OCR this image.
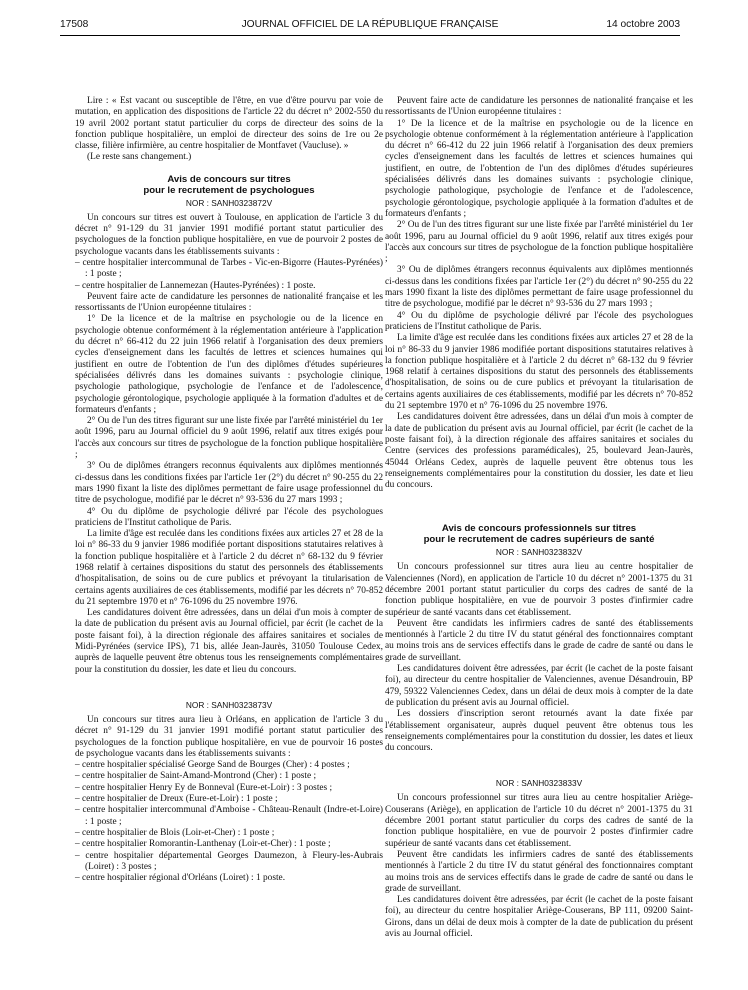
17508	JOURNAL OFFICIEL DE LA RÉPUBLIQUE FRANÇAISE	14 octobre 2003

Lire : « Est vacant ou susceptible de l'être, en vue d'être pourvu par voie de mutation, en application des dispositions de l'article 22 du décret n° 2002-550 du 19 avril 2002 portant statut particulier du corps de directeur des soins de la fonction publique hospitalière, un emploi de directeur des soins de 1re ou 2e classe, filière infirmière, au centre hospitalier de Montfavet (Vaucluse). »

(Le reste sans changement.)

Avis de concours sur titres
pour le recrutement de psychologues
NOR : SANH0323872V

Un concours sur titres est ouvert à Toulouse, en application de l'article 3 du décret n° 91-129 du 31 janvier 1991 modifié portant statut particulier des psychologues de la fonction publique hospitalière, en vue de pourvoir 2 postes de psychologue vacants dans les établissements suivants :

– centre hospitalier intercommunal de Tarbes - Vic-en-Bigorre (Hautes-Pyrénées) : 1 poste ;

– centre hospitalier de Lannemezan (Hautes-Pyrénées) : 1 poste.

Peuvent faire acte de candidature les personnes de nationalité française et les ressortissants de l'Union européenne titulaires :

1° De la licence et de la maîtrise en psychologie ou de la licence en psychologie obtenue conformément à la réglementation antérieure à l'application du décret n° 66-412 du 22 juin 1966 relatif à l'organisation des deux premiers cycles d'enseignement dans les facultés de lettres et sciences humaines qui justifient en outre de l'obtention de l'un des diplômes d'études supérieures spécialisées délivrés dans les domaines suivants : psychologie clinique, psychologie pathologique, psychologie de l'enfance et de l'adolescence, psychologie gérontologique, psychologie appliquée à la formation d'adultes et de formateurs d'enfants ;

2° Ou de l'un des titres figurant sur une liste fixée par l'arrêté ministériel du 1er août 1996, paru au Journal officiel du 9 août 1996, relatif aux titres exigés pour l'accès aux concours sur titres de psychologue de la fonction publique hospitalière ;

3° Ou de diplômes étrangers reconnus équivalents aux diplômes mentionnés ci-dessus dans les conditions fixées par l'article 1er (2°) du décret n° 90-255 du 22 mars 1990 fixant la liste des diplômes permettant de faire usage professionnel du titre de psychologue, modifié par le décret n° 93-536 du 27 mars 1993 ;

4° Ou du diplôme de psychologie délivré par l'école des psychologues praticiens de l'Institut catholique de Paris.

La limite d'âge est reculée dans les conditions fixées aux articles 27 et 28 de la loi n° 86-33 du 9 janvier 1986 modifiée portant dispositions statutaires relatives à la fonction publique hospitalière et à l'article 2 du décret n° 68-132 du 9 février 1968 relatif à certaines dispositions du statut des personnels des établissements d'hospitalisation, de soins ou de cure publics et prévoyant la titularisation de certains agents auxiliaires de ces établissements, modifié par les décrets n° 70-852 du 21 septembre 1970 et n° 76-1096 du 25 novembre 1976.

Les candidatures doivent être adressées, dans un délai d'un mois à compter de la date de publication du présent avis au Journal officiel, par écrit (le cachet de la poste faisant foi), à la direction régionale des affaires sanitaires et sociales de Midi-Pyrénées (service IPS), 71 bis, allée Jean-Jaurès, 31050 Toulouse Cedex, auprès de laquelle peuvent être obtenus tous les renseignements complémentaires pour la constitution du dossier, les date et lieu du concours.

NOR : SANH0323873V

Un concours sur titres aura lieu à Orléans, en application de l'article 3 du décret n° 91-129 du 31 janvier 1991 modifié portant statut particulier des psychologues de la fonction publique hospitalière, en vue de pourvoir 16 postes de psychologue vacants dans les établissements suivants :

– centre hospitalier spécialisé George Sand de Bourges (Cher) : 4 postes ;

– centre hospitalier de Saint-Amand-Montrond (Cher) : 1 poste ;

– centre hospitalier Henry Ey de Bonneval (Eure-et-Loir) : 3 postes ;

– centre hospitalier de Dreux (Eure-et-Loir) : 1 poste ;

– centre hospitalier intercommunal d'Amboise - Château-Renault (Indre-et-Loire) : 1 poste ;

– centre hospitalier de Blois (Loir-et-Cher) : 1 poste ;

– centre hospitalier Romorantin-Lanthenay (Loir-et-Cher) : 1 poste ;

– centre hospitalier départemental Georges Daumezon, à Fleury-les-Aubrais (Loiret) : 3 postes ;

– centre hospitalier régional d'Orléans (Loiret) : 1 poste.

Peuvent faire acte de candidature les personnes de nationalité française et les ressortissants de l'Union européenne titulaires :

1° De la licence et de la maîtrise en psychologie ou de la licence en psychologie obtenue conformément à la réglementation antérieure à l'application du décret n° 66-412 du 22 juin 1966 relatif à l'organisation des deux premiers cycles d'enseignement dans les facultés de lettres et sciences humaines qui justifient, en outre, de l'obtention de l'un des diplômes d'études supérieures spécialisées délivrés dans les domaines suivants : psychologie clinique, psychologie pathologique, psychologie de l'enfance et de l'adolescence, psychologie gérontologique, psychologie appliquée à la formation d'adultes et de formateurs d'enfants ;

2° Ou de l'un des titres figurant sur une liste fixée par l'arrêté ministériel du 1er août 1996, paru au Journal officiel du 9 août 1996, relatif aux titres exigés pour l'accès aux concours sur titres de psychologue de la fonction publique hospitalière ;

3° Ou de diplômes étrangers reconnus équivalents aux diplômes mentionnés ci-dessus dans les conditions fixées par l'article 1er (2°) du décret n° 90-255 du 22 mars 1990 fixant la liste des diplômes permettant de faire usage professionnel du titre de psychologue, modifié par le décret n° 93-536 du 27 mars 1993 ;

4° Ou du diplôme de psychologie délivré par l'école des psychologues praticiens de l'Institut catholique de Paris.

La limite d'âge est reculée dans les conditions fixées aux articles 27 et 28 de la loi n° 86-33 du 9 janvier 1986 modifiée portant dispositions statutaires relatives à la fonction publique hospitalière et à l'article 2 du décret n° 68-132 du 9 février 1968 relatif à certaines dispositions du statut des personnels des établissements d'hospitalisation, de soins ou de cure publics et prévoyant la titularisation de certains agents auxiliaires de ces établissements, modifié par les décrets n° 70-852 du 21 septembre 1970 et n° 76-1096 du 25 novembre 1976.

Les candidatures doivent être adressées, dans un délai d'un mois à compter de la date de publication du présent avis au Journal officiel, par écrit (le cachet de la poste faisant foi), à la direction régionale des affaires sanitaires et sociales du Centre (services des professions paramédicales), 25, boulevard Jean-Jaurès, 45044 Orléans Cedex, auprès de laquelle peuvent être obtenus tous les renseignements complémentaires pour la constitution du dossier, les date et lieu du concours.

Avis de concours professionnels sur titres
pour le recrutement de cadres supérieurs de santé
NOR : SANH0323832V

Un concours professionnel sur titres aura lieu au centre hospitalier de Valenciennes (Nord), en application de l'article 10 du décret n° 2001-1375 du 31 décembre 2001 portant statut particulier du corps des cadres de santé de la fonction publique hospitalière, en vue de pourvoir 3 postes d'infirmier cadre supérieur de santé vacants dans cet établissement.

Peuvent être candidats les infirmiers cadres de santé des établissements mentionnés à l'article 2 du titre IV du statut général des fonctionnaires comptant au moins trois ans de services effectifs dans le grade de cadre de santé ou dans le grade de surveillant.

Les candidatures doivent être adressées, par écrit (le cachet de la poste faisant foi), au directeur du centre hospitalier de Valenciennes, avenue Désandrouin, BP 479, 59322 Valenciennes Cedex, dans un délai de deux mois à compter de la date de publication du présent avis au Journal officiel.

Les dossiers d'inscription seront retournés avant la date fixée par l'établissement organisateur, auprès duquel peuvent être obtenus tous les renseignements complémentaires pour la constitution du dossier, les dates et lieux du concours.

NOR : SANH0323833V

Un concours professionnel sur titres aura lieu au centre hospitalier Ariège-Couserans (Ariège), en application de l'article 10 du décret n° 2001-1375 du 31 décembre 2001 portant statut particulier du corps des cadres de santé de la fonction publique hospitalière, en vue de pourvoir 2 postes d'infirmier cadre supérieur de santé vacants dans cet établissement.

Peuvent être candidats les infirmiers cadres de santé des établissements mentionnés à l'article 2 du titre IV du statut général des fonctionnaires comptant au moins trois ans de services effectifs dans le grade de cadre de santé ou dans le grade de surveillant.

Les candidatures doivent être adressées, par écrit (le cachet de la poste faisant foi), au directeur du centre hospitalier Ariège-Couserans, BP 111, 09200 Saint-Girons, dans un délai de deux mois à compter de la date de publication du présent avis au Journal officiel.
